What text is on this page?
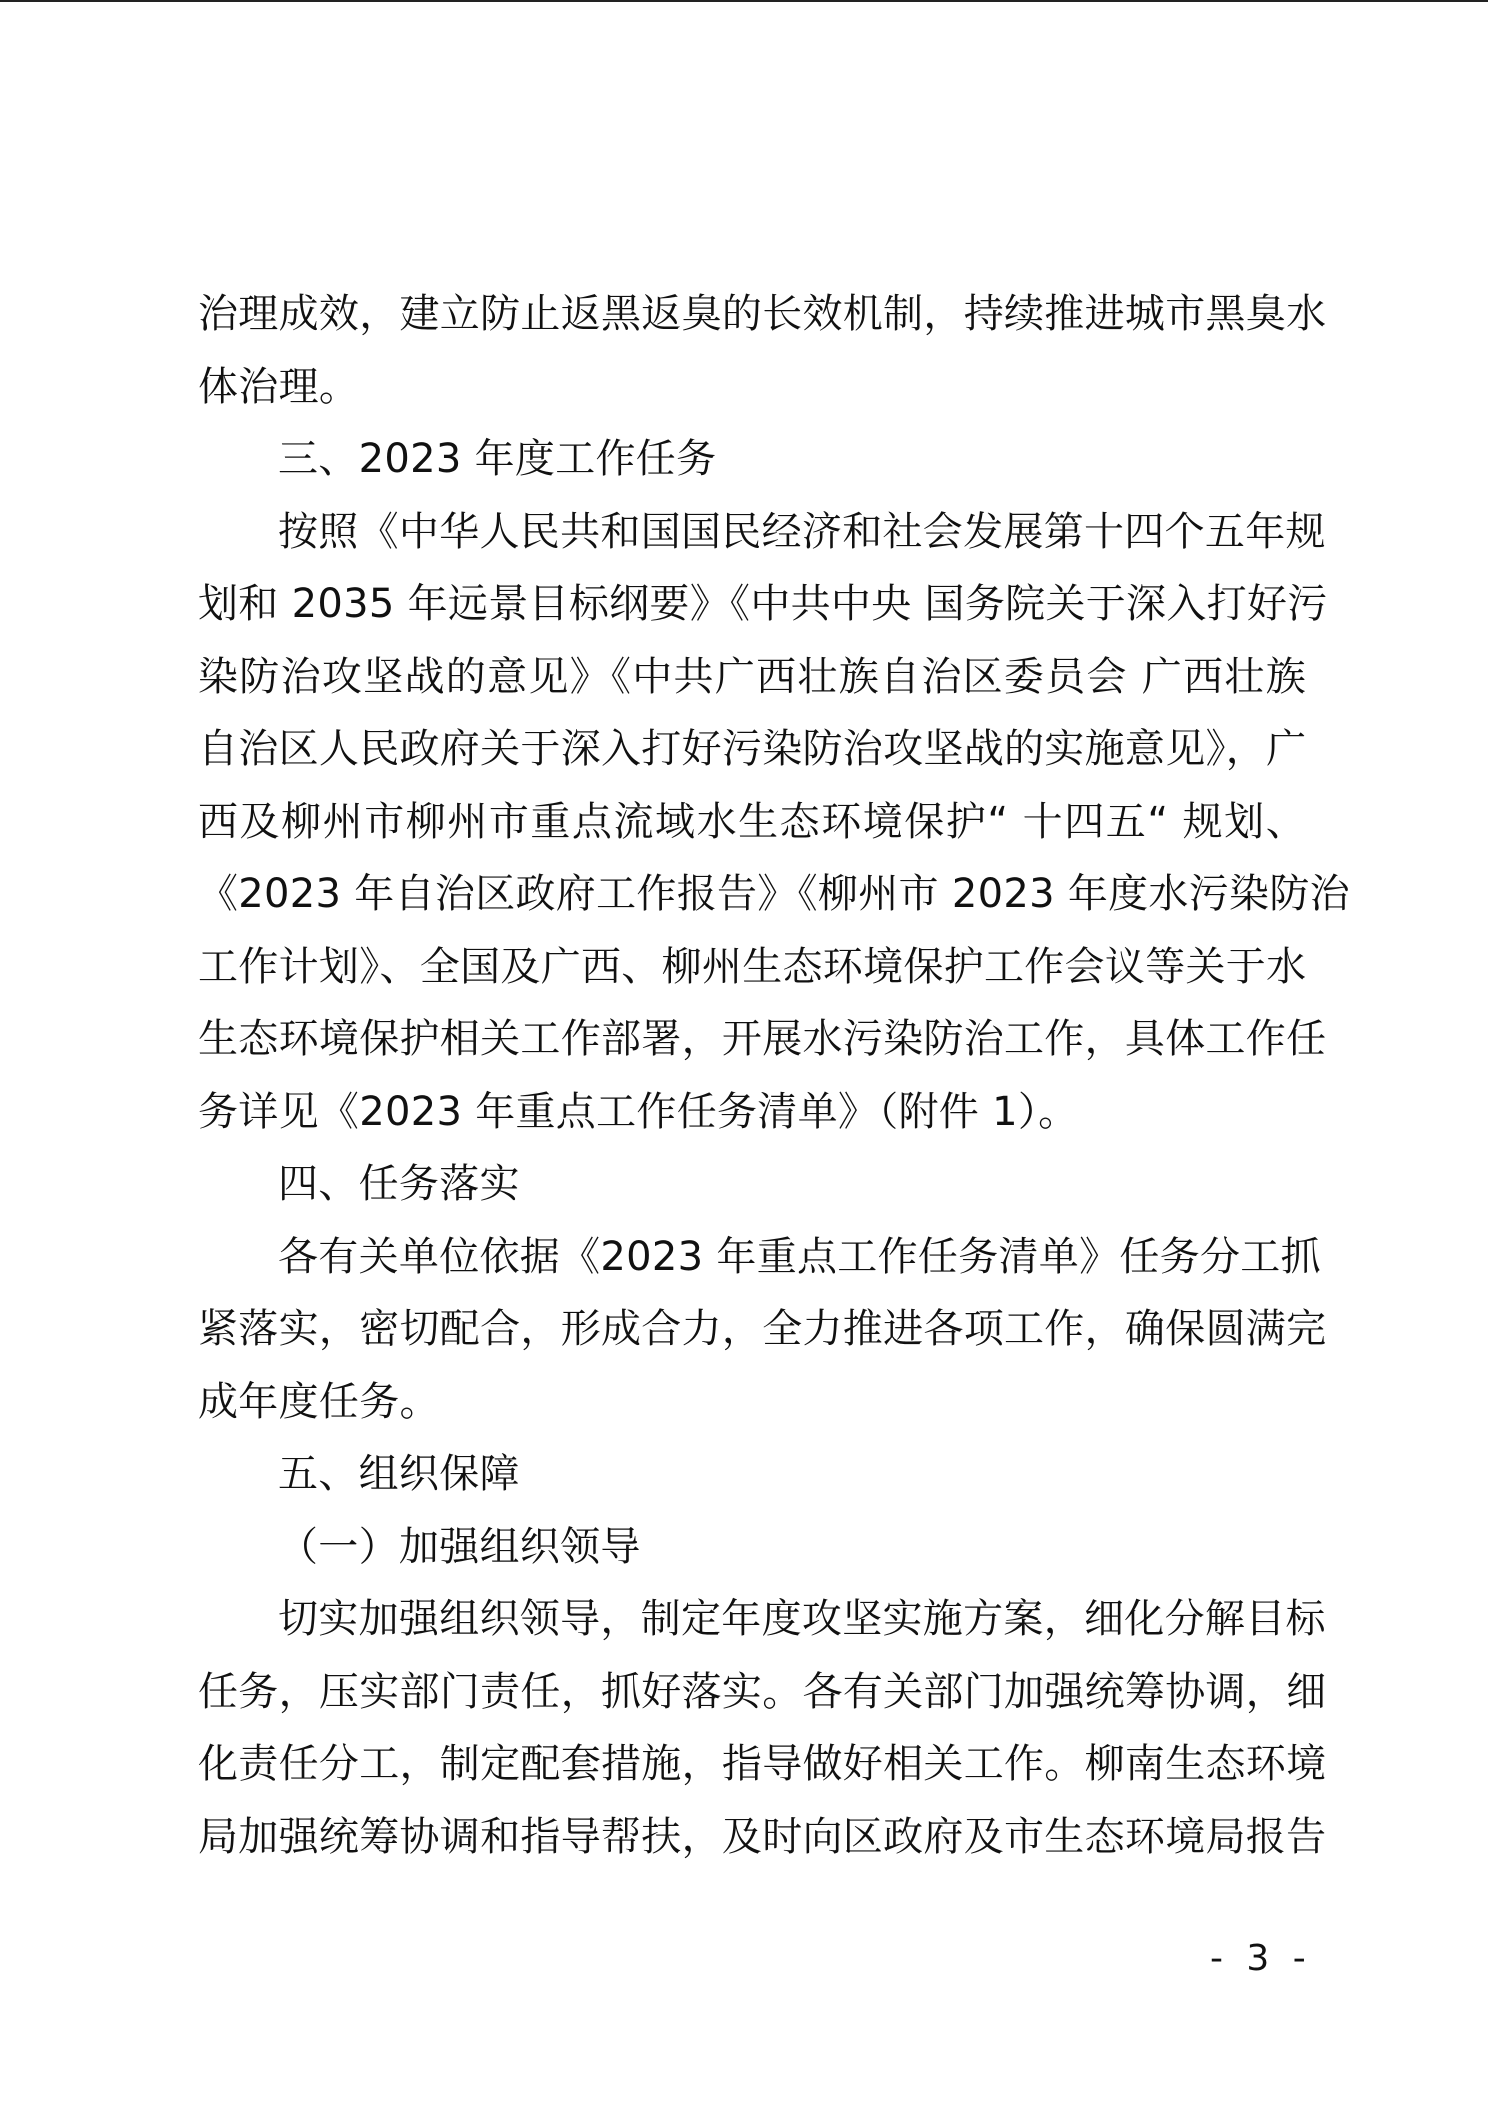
治理成效，建立防止返黑返臭的长效机制，持续推进城市黑臭水
体治理。
三、2023 年度工作任务
按照《中华人民共和国国民经济和社会发展第十四个五年规
划和 2035 年远景目标纲要》《中共中央 国务院关于深入打好污
染防治攻坚战的意见》《中共广西壮族自治区委员会 广西壮族
自治区人民政府关于深入打好污染防治攻坚战的实施意见》，广
西及柳州市柳州市重点流域水生态环境保护“ 十四五“ 规划、
《2023 年自治区政府工作报告》《柳州市 2023 年度水污染防治
工作计划》、全国及广西、柳州生态环境保护工作会议等关于水
生态环境保护相关工作部署，开展水污染防治工作，具体工作任
务详见《2023 年重点工作任务清单》（附件 1）。
四、任务落实
各有关单位依据《2023 年重点工作任务清单》任务分工抓
紧落实，密切配合，形成合力，全力推进各项工作，确保圆满完
成年度任务。
五、组织保障
（一）加强组织领导
切实加强组织领导，制定年度攻坚实施方案，细化分解目标
任务，压实部门责任，抓好落实。各有关部门加强统筹协调，细
化责任分工，制定配套措施，指导做好相关工作。柳南生态环境
局加强统筹协调和指导帮扶，及时向区政府及市生态环境局报告
- 3 -
